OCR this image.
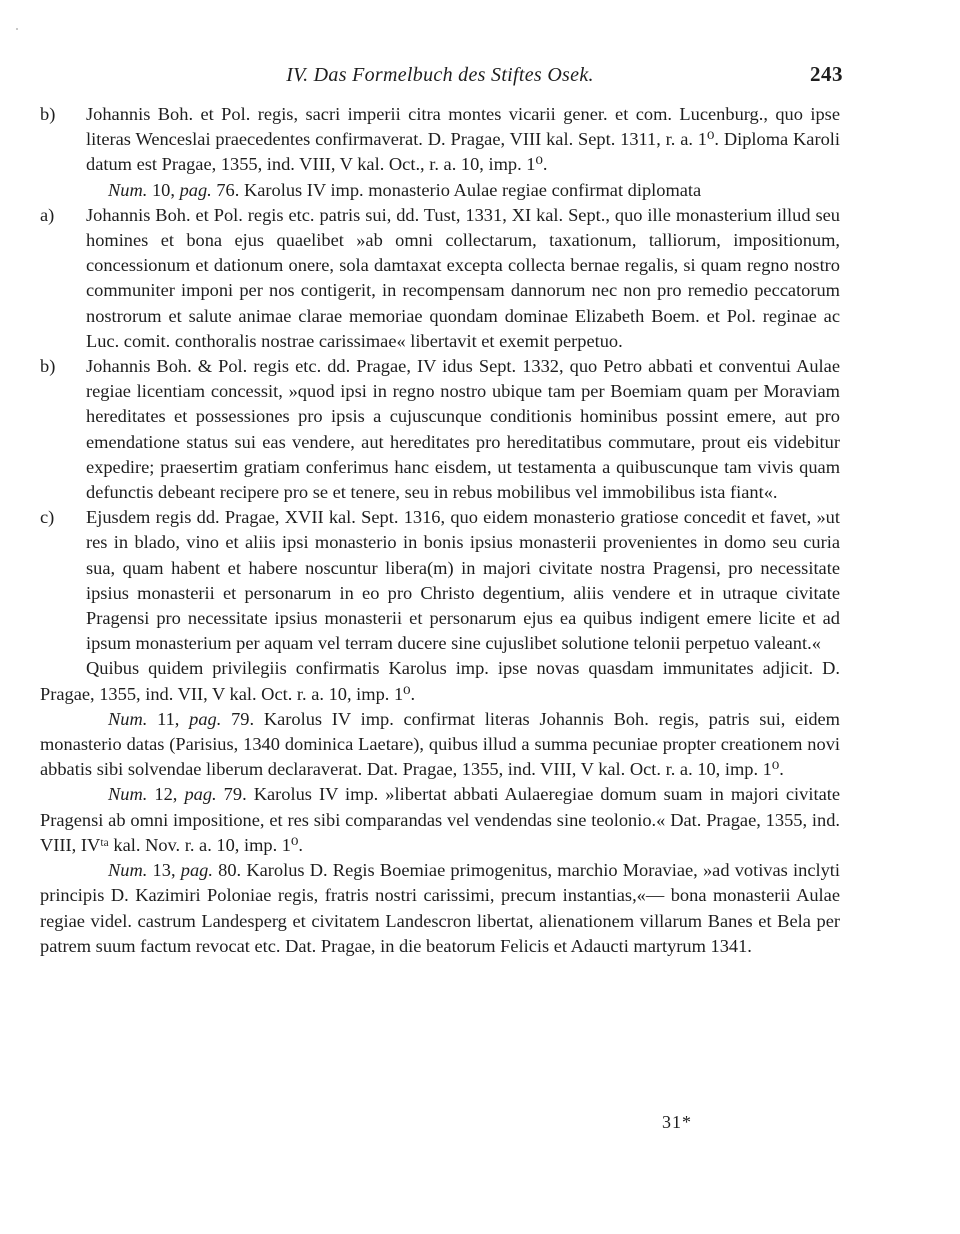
IV. Das Formelbuch des Stiftes Osek.	243
b)	Johannis Boh. et Pol. regis, sacri imperii citra montes vicarii gener. et com. Lucenburg., quo ipse literas Wenceslai praecedentes confirmaverat. D. Pragae, VIII kal. Sept. 1311, r. a. 1⁰. Diploma Karoli datum est Pragae, 1355, ind. VIII, V kal. Oct., r. a. 10, imp. 1⁰.

Num. 10, pag. 76. Karolus IV imp. monasterio Aulae regiae confirmat diplomata

a)	Johannis Boh. et Pol. regis etc. patris sui, dd. Tust, 1331, XI kal. Sept., quo ille monasterium illud seu homines et bona ejus quaelibet »ab omni collectarum, taxationum, talliorum, impositionum, concessionum et dationum onere, sola damtaxat excepta collecta bernae regalis, si quam regno nostro communiter imponi per nos contigerit, in recompensam dannorum nec non pro remedio peccatorum nostrorum et salute animae clarae memoriae quondam dominae Elizabeth Boem. et Pol. reginae ac Luc. comit. conthoralis nostrae carissimae« libertavit et exemit perpetuo.

b)	Johannis Boh. & Pol. regis etc. dd. Pragae, IV idus Sept. 1332, quo Petro abbati et conventui Aulae regiae licentiam concessit, »quod ipsi in regno nostro ubique tam per Boemiam quam per Moraviam hereditates et possessiones pro ipsis a cujuscunque conditionis hominibus possint emere, aut pro emendatione status sui eas vendere, aut hereditates pro hereditatibus commutare, prout eis videbitur expedire; praesertim gratiam conferimus hanc eisdem, ut testamenta a quibuscunque tam vivis quam defunctis debeant recipere pro se et tenere, seu in rebus mobilibus vel immobilibus ista fiant«.

c)	Ejusdem regis dd. Pragae, XVII kal. Sept. 1316, quo eidem monasterio gratiose concedit et favet, »ut res in blado, vino et aliis ipsi monasterio in bonis ipsius monasterii provenientes in domo seu curia sua, quam habent et habere noscuntur libera(m) in majori civitate nostra Pragensi, pro necessitate ipsius monasterii et personarum in eo pro Christo degentium, aliis vendere et in utraque civitate Pragensi pro necessitate ipsius monasterii et personarum ejus ea quibus indigent emere licite et ad ipsum monasterium per aquam vel terram ducere sine cujuslibet solutione telonii perpetuo valeant.«

Quibus quidem privilegiis confirmatis Karolus imp. ipse novas quasdam immunitates adjicit. D. Pragae, 1355, ind. VII, V kal. Oct. r. a. 10, imp. 1⁰.

Num. 11, pag. 79. Karolus IV imp. confirmat literas Johannis Boh. regis, patris sui, eidem monasterio datas (Parisius, 1340 dominica Laetare), quibus illud a summa pecuniae propter creationem novi abbatis sibi solvendae liberum declaraverat. Dat. Pragae, 1355, ind. VIII, V kal. Oct. r. a. 10, imp. 1⁰.

Num. 12, pag. 79. Karolus IV imp. »libertat abbati Aulaeregiae domum suam in majori civitate Pragensi ab omni impositione, et res sibi comparandas vel vendendas sine teolonio.« Dat. Pragae, 1355, ind. VIII, IVᵗᵃ kal. Nov. r. a. 10, imp. 1⁰.

Num. 13, pag. 80. Karolus D. Regis Boemiae primogenitus, marchio Moraviae, »ad votivas inclyti principis D. Kazimiri Poloniae regis, fratris nostri carissimi, precum instantias,«— bona monasterii Aulae regiae videl. castrum Landesperg et civitatem Landescron libertat, alienationem villarum Banes et Bela per patrem suum factum revocat etc. Dat. Pragae, in die beatorum Felicis et Adaucti martyrum 1341.

31*
